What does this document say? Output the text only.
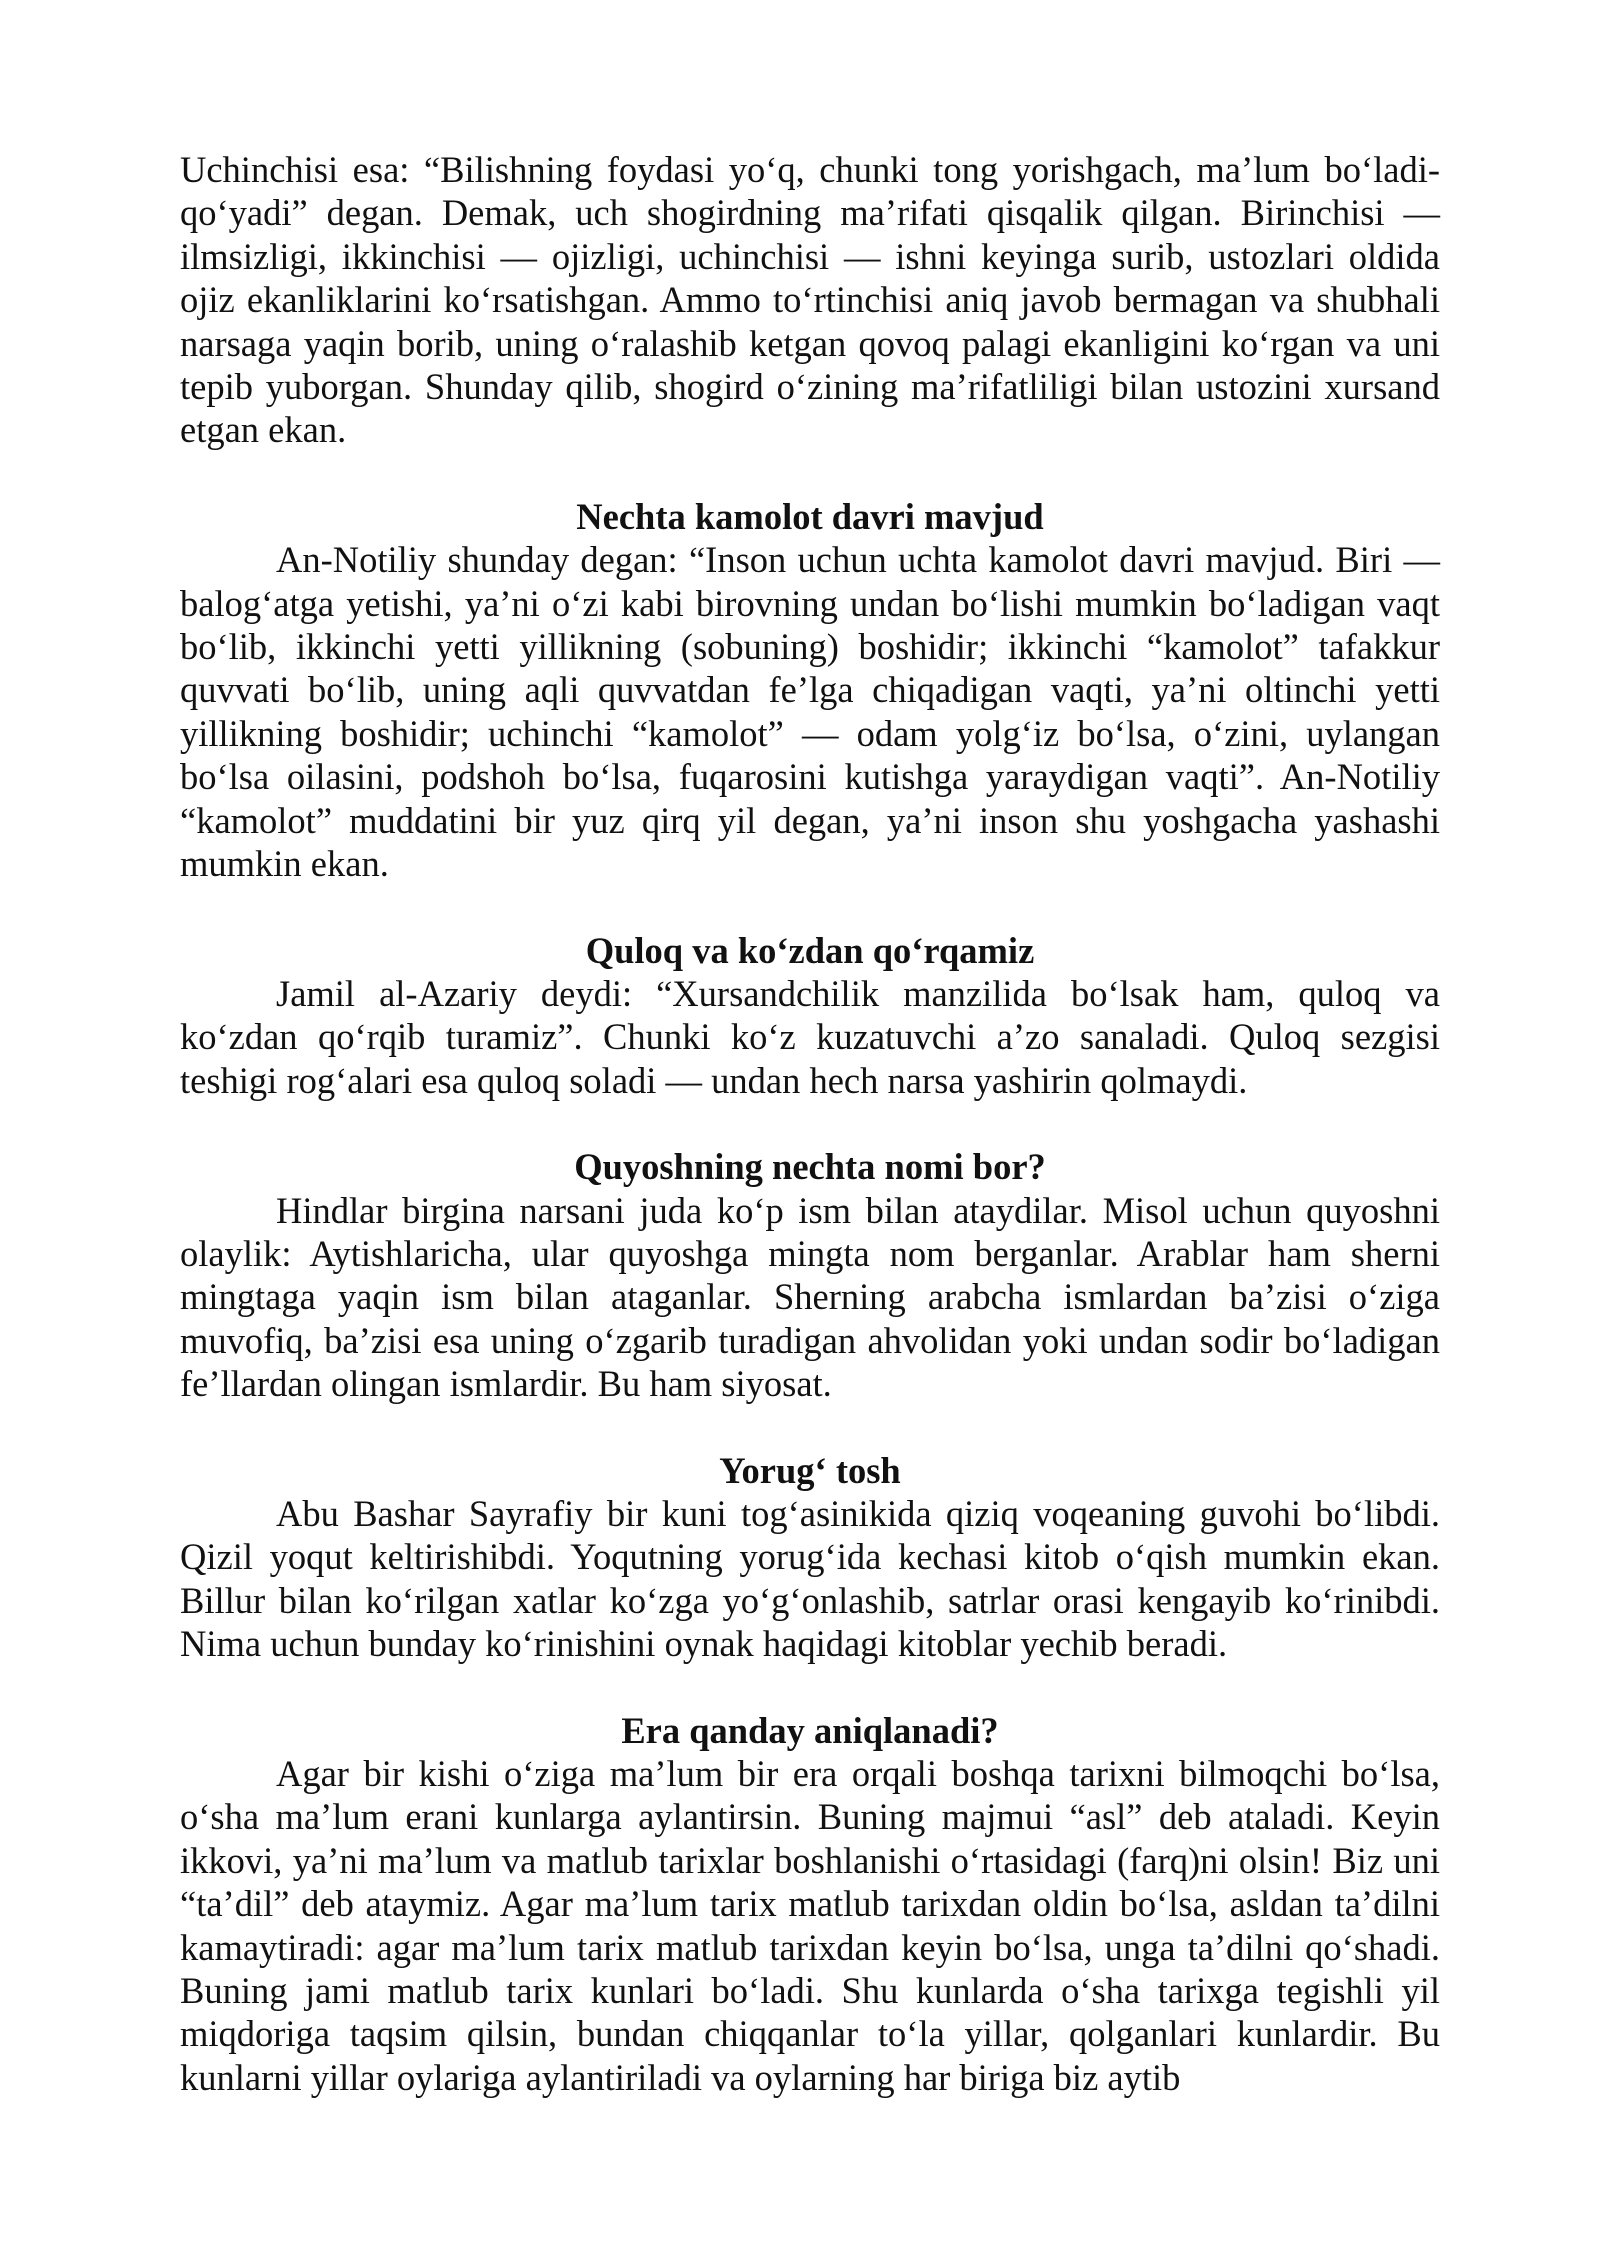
Uchinchisi esa: “Bilishning foydasi yo‘q, chunki tong yorishgach, ma’lum bo‘ladi-qo‘yadi” degan. Demak, uch shogirdning ma’rifati qisqalik qilgan. Birinchisi — ilmsizligi, ikkinchisi — ojizligi, uchinchisi — ishni keyinga surib, ustozlari oldida ojiz ekanliklarini ko‘rsatishgan. Ammo to‘rtinchisi aniq javob bermagan va shubhali narsaga yaqin borib, uning o‘ralashib ketgan qovoq palagi ekanligini ko‘rgan va uni tepib yuborgan. Shunday qilib, shogird o‘zining ma’rifatliligi bilan ustozini xursand etgan ekan.

Nechta kamolot davri mavjud

An-Notiliy shunday degan: “Inson uchun uchta kamolot davri mavjud. Biri — balog‘atga yetishi, ya’ni o‘zi kabi birovning undan bo‘lishi mumkin bo‘ladigan vaqt bo‘lib, ikkinchi yetti yillikning (sobuning) boshidir; ikkinchi “kamolot” tafakkur quvvati bo‘lib, uning aqli quvvatdan fe’lga chiqadigan vaqti, ya’ni oltinchi yetti yillikning boshidir; uchinchi “kamolot” — odam yolg‘iz bo‘lsa, o‘zini, uylangan bo‘lsa oilasini, podshoh bo‘lsa, fuqarosini kutishga yaraydigan vaqti”. An-Notiliy “kamolot” muddatini bir yuz qirq yil degan, ya’ni inson shu yoshgacha yashashi mumkin ekan.

Quloq va ko‘zdan qo‘rqamiz

Jamil al-Azariy deydi: “Xursandchilik manzilida bo‘lsak ham, quloq va ko‘zdan qo‘rqib turamiz”. Chunki ko‘z kuzatuvchi a’zo sanaladi. Quloq sezgisi teshigi rog‘alari esa quloq soladi — undan hech narsa yashirin qolmaydi.

Quyoshning nechta nomi bor?

Hindlar birgina narsani juda ko‘p ism bilan ataydilar. Misol uchun quyoshni olaylik: Aytishlaricha, ular quyoshga mingta nom berganlar. Arablar ham sherni mingtaga yaqin ism bilan ataganlar. Sherning arabcha ismlardan ba’zisi o‘ziga muvofiq, ba’zisi esa uning o‘zgarib turadigan ahvolidan yoki undan sodir bo‘ladigan fe’llardan olingan ismlardir. Bu ham siyosat.

Yorug‘ tosh

Abu Bashar Sayrafiy bir kuni tog‘asinikida qiziq voqeaning guvohi bo‘libdi. Qizil yoqut keltirishibdi. Yoqutning yorug‘ida kechasi kitob o‘qish mumkin ekan. Billur bilan ko‘rilgan xatlar ko‘zga yo‘g‘onlashib, satrlar orasi kengayib ko‘rinibdi. Nima uchun bunday ko‘rinishini oynak haqidagi kitoblar yechib beradi.

Era qanday aniqlanadi?

Agar bir kishi o‘ziga ma’lum bir era orqali boshqa tarixni bilmoqchi bo‘lsa, o‘sha ma’lum erani kunlarga aylantirsin. Buning majmui “asl” deb ataladi. Keyin ikkovi, ya’ni ma’lum va matlub tarixlar boshlanishi o‘rtasidagi (farq)ni olsin! Biz uni “ta’dil” deb ataymiz. Agar ma’lum tarix matlub tarixdan oldin bo‘lsa, asldan ta’dilni kamaytiradi: agar ma’lum tarix matlub tarixdan keyin bo‘lsa, unga ta’dilni qo‘shadi. Buning jami matlub tarix kunlari bo‘ladi. Shu kunlarda o‘sha tarixga tegishli yil miqdoriga taqsim qilsin, bundan chiqqanlar to‘la yillar, qolganlari kunlardir. Bu kunlarni yillar oylariga aylantiriladi va oylarning har biriga biz aytib
